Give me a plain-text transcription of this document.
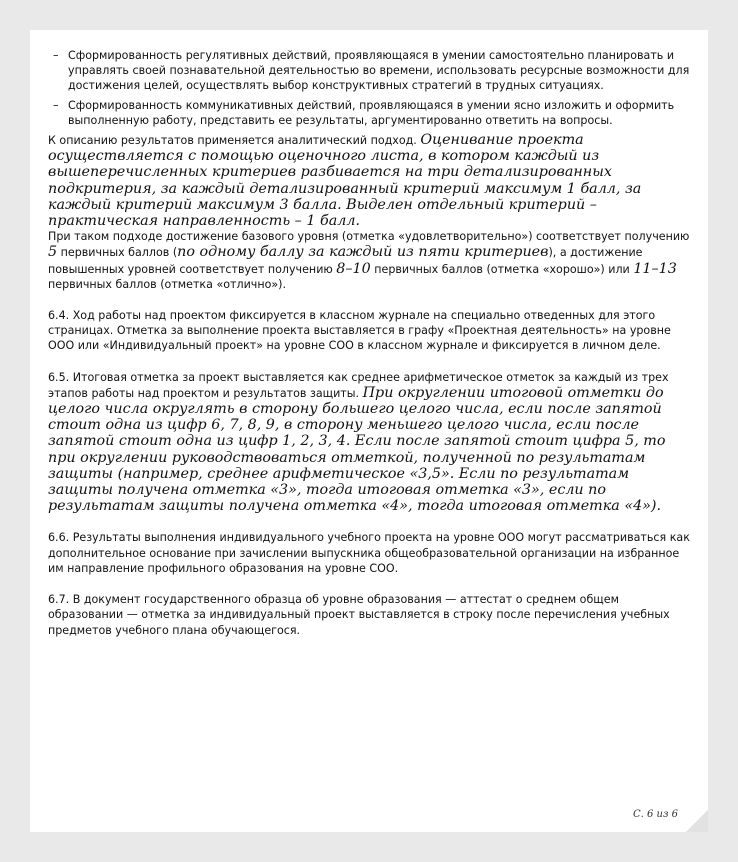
– Сформированность регулятивных действий, проявляющаяся в умении самостоятельно планировать и управлять своей познавательной деятельностью во времени, использовать ресурсные возможности для достижения целей, осуществлять выбор конструктивных стратегий в трудных ситуациях.
– Сформированность коммуникативных действий, проявляющаяся в умении ясно изложить и оформить выполненную работу, представить ее результаты, аргументированно ответить на вопросы.

К описанию результатов применяется аналитический подход. Оценивание проекта осуществляется с помощью оценочного листа, в котором каждый из вышеперечисленных критериев разбивается на три детализированных подкритерия, за каждый детализированный критерий максимум 1 балл, за каждый критерий максимум 3 балла. Выделен отдельный критерий – практическая направленность – 1 балл.

При таком подходе достижение базового уровня (отметка «удовлетворительно») соответствует получению 5 первичных баллов (по одному баллу за каждый из пяти критериев), а достижение повышенных уровней соответствует получению 8–10 первичных баллов (отметка «хорошо») или 11–13 первичных баллов (отметка «отлично»).

6.4. Ход работы над проектом фиксируется в классном журнале на специально отведенных для этого страницах. Отметка за выполнение проекта выставляется в графу «Проектная деятельность» на уровне ООО или «Индивидуальный проект» на уровне СОО в классном журнале и фиксируется в личном деле.

6.5. Итоговая отметка за проект выставляется как среднее арифметическое отметок за каждый из трех этапов работы над проектом и результатов защиты. При округлении итоговой отметки до целого числа округлять в сторону большего целого числа, если после запятой стоит одна из цифр 6, 7, 8, 9, в сторону меньшего целого числа, если после запятой стоит одна из цифр 1, 2, 3, 4. Если после запятой стоит цифра 5, то при округлении руководствоваться отметкой, полученной по результатам защиты (например, среднее арифметическое «3,5». Если по результатам защиты получена отметка «3», тогда итоговая отметка «3», если по результатам защиты получена отметка «4», тогда итоговая отметка «4»).

6.6. Результаты выполнения индивидуального учебного проекта на уровне ООО могут рассматриваться как дополнительное основание при зачислении выпускника общеобразовательной организации на избранное им направление профильного образования на уровне СОО.

6.7. В документ государственного образца об уровне образования — аттестат о среднем общем образовании — отметка за индивидуальный проект выставляется в строку после перечисления учебных предметов учебного плана обучающегося.

С. 6 из 6
